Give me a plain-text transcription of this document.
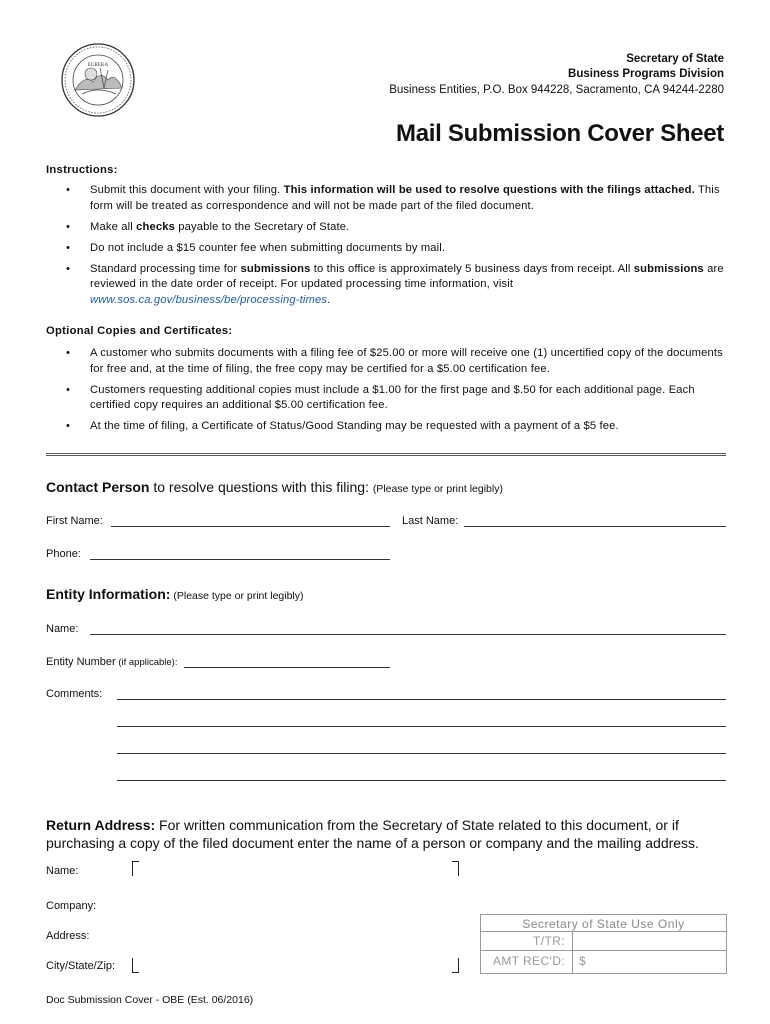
EUREKA
Secretary of State
Business Programs Division
Business Entities, P.O. Box 944228, Sacramento, CA 94244-2280
Mail Submission Cover Sheet
Instructions:
• Submit this document with your filing. This information will be used to resolve questions with the filings attached. This form will be treated as correspondence and will not be made part of the filed document.
• Make all checks payable to the Secretary of State.
• Do not include a $15 counter fee when submitting documents by mail.
• Standard processing time for submissions to this office is approximately 5 business days from receipt. All submissions are reviewed in the date order of receipt. For updated processing time information, visit www.sos.ca.gov/business/be/processing-times.
Optional Copies and Certificates:
• A customer who submits documents with a filing fee of $25.00 or more will receive one (1) uncertified copy of the documents for free and, at the time of filing, the free copy may be certified for a $5.00 certification fee.
• Customers requesting additional copies must include a $1.00 for the first page and $.50 for each additional page. Each certified copy requires an additional $5.00 certification fee.
• At the time of filing, a Certificate of Status/Good Standing may be requested with a payment of a $5 fee.
Contact Person to resolve questions with this filing: (Please type or print legibly)
First Name:	Last Name:
Phone:
Entity Information: (Please type or print legibly)
Name:
Entity Number (if applicable):
Comments:
Return Address: For written communication from the Secretary of State related to this document, or if purchasing a copy of the filed document enter the name of a person or company and the mailing address.
Name:
Company:
Address:
City/State/Zip:
Secretary of State Use Only
T/TR:
AMT REC'D: $
Doc Submission Cover - OBE (Est. 06/2016)
